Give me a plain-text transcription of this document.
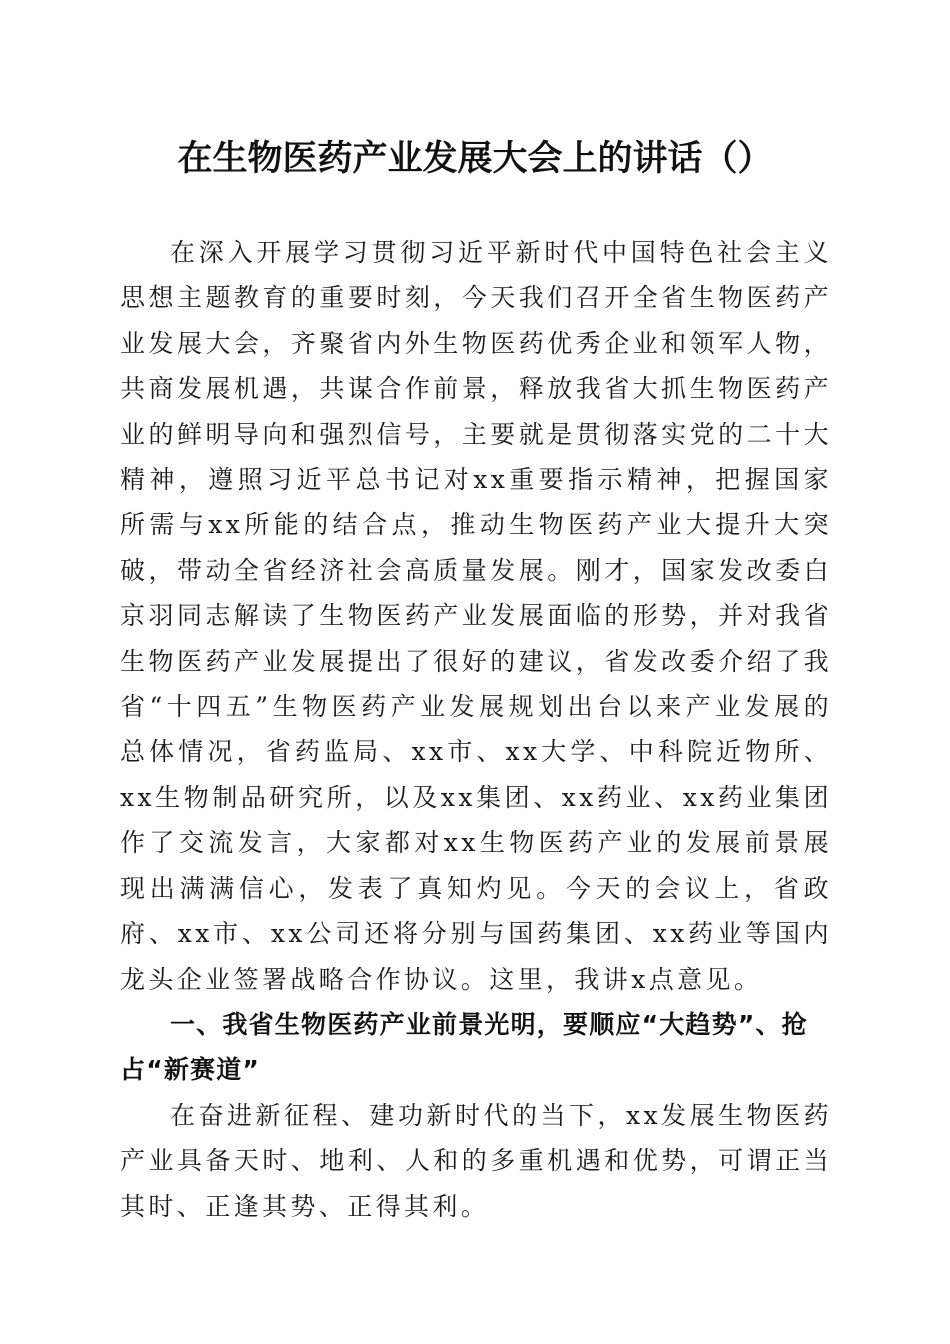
在生物医药产业发展大会上的讲话（）

在深入开展学习贯彻习近平新时代中国特色社会主义思想主题教育的重要时刻，今天我们召开全省生物医药产业发展大会，齐聚省内外生物医药优秀企业和领军人物，共商发展机遇，共谋合作前景，释放我省大抓生物医药产业的鲜明导向和强烈信号，主要就是贯彻落实党的二十大精神，遵照习近平总书记对xx重要指示精神，把握国家所需与xx所能的结合点，推动生物医药产业大提升大突破，带动全省经济社会高质量发展。刚才，国家发改委白京羽同志解读了生物医药产业发展面临的形势，并对我省生物医药产业发展提出了很好的建议，省发改委介绍了我省“十四五”生物医药产业发展规划出台以来产业发展的总体情况，省药监局、xx市、xx大学、中科院近物所、xx生物制品研究所，以及xx集团、xx药业、xx药业集团作了交流发言，大家都对xx生物医药产业的发展前景展现出满满信心，发表了真知灼见。今天的会议上，省政府、xx市、xx公司还将分别与国药集团、xx药业等国内龙头企业签署战略合作协议。这里，我讲x点意见。

一、我省生物医药产业前景光明，要顺应“大趋势”、抢占“新赛道”

在奋进新征程、建功新时代的当下，xx发展生物医药产业具备天时、地利、人和的多重机遇和优势，可谓正当其时、正逢其势、正得其利。
